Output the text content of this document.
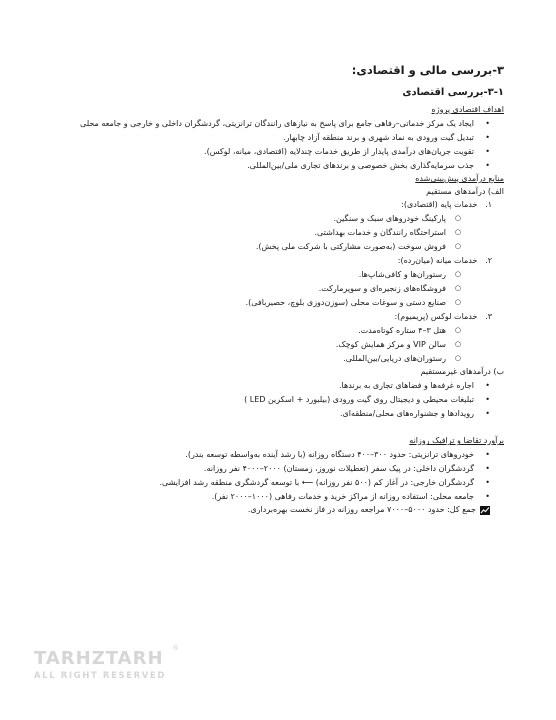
۳-بررسی مالی و اقتصادی:
۳-۱-بررسی اقتصادی
اهداف اقتصادی پروژه
• ایجاد یک مرکز خدماتی–رفاهی جامع برای پاسخ به نیازهای رانندگان ترانزیتی، گردشگران داخلی و خارجی و جامعه محلی
• تبدیل گیت ورودی به نماد شهری و برند منطقه آزاد چابهار.
• تقویت جریان‌های درآمدی پایدار از طریق خدمات چندلایه (اقتصادی، میانه، لوکس).
• جذب سرمایه‌گذاری بخش خصوصی و برندهای تجاری ملی/بین‌المللی.
منابع درآمدی پیش‌بینی‌شده
الف) درآمدهای مستقیم
۱. خدمات پایه (اقتصادی):
○ پارکینگ خودروهای سبک و سنگین.
○ استراحتگاه رانندگان و خدمات بهداشتی.
○ فروش سوخت (به‌صورت مشارکتی با شرکت ملی پخش).
۲. خدمات میانه (میان‌رده):
○ رستوران‌ها و کافی‌شاپ‌ها.
○ فروشگاه‌های زنجیره‌ای و سوپرمارکت.
○ صنایع دستی و سوغات محلی (سوزن‌دوزی بلوچ، حصیربافی).
۳. خدمات لوکس (پریمیوم):
○ هتل ۳–۴ ستاره کوتاه‌مدت.
○ سالن VIP و مرکز همایش کوچک.
○ رستوران‌های دریایی/بین‌المللی.
ب) درآمدهای غیرمستقیم
• اجاره غرفه‌ها و فضاهای تجاری به برندها.
• تبلیغات محیطی و دیجیتال روی گیت ورودی (بیلبورد + اسکرین LED )
• رویدادها و جشنواره‌های محلی/منطقه‌ای.
برآورد تقاضا و ترافیک روزانه
• خودروهای ترانزیتی: حدود ۳۰۰–۴۰۰ دستگاه روزانه (با رشد آینده به‌واسطه توسعه بندر).
• گردشگران داخلی: در پیک سفر (تعطیلات نوروز، زمستان) ۲۰۰۰–۴۰۰۰ نفر روزانه.
• گردشگران خارجی: در آغاز کم (۵۰۰ نفر روزانه) ⟵ با توسعه گردشگری منطقه رشد افزایشی.
• جامعه محلی: استفاده روزانه از مراکز خرید و خدمات رفاهی (۱۰۰۰–۲۰۰۰ نفر).
جمع کل: حدود ۵۰۰۰–۷۰۰۰ مراجعه روزانه در فاز نخست بهره‌برداری.
TARHZTARH
ALL RIGHT RESERVED
®
